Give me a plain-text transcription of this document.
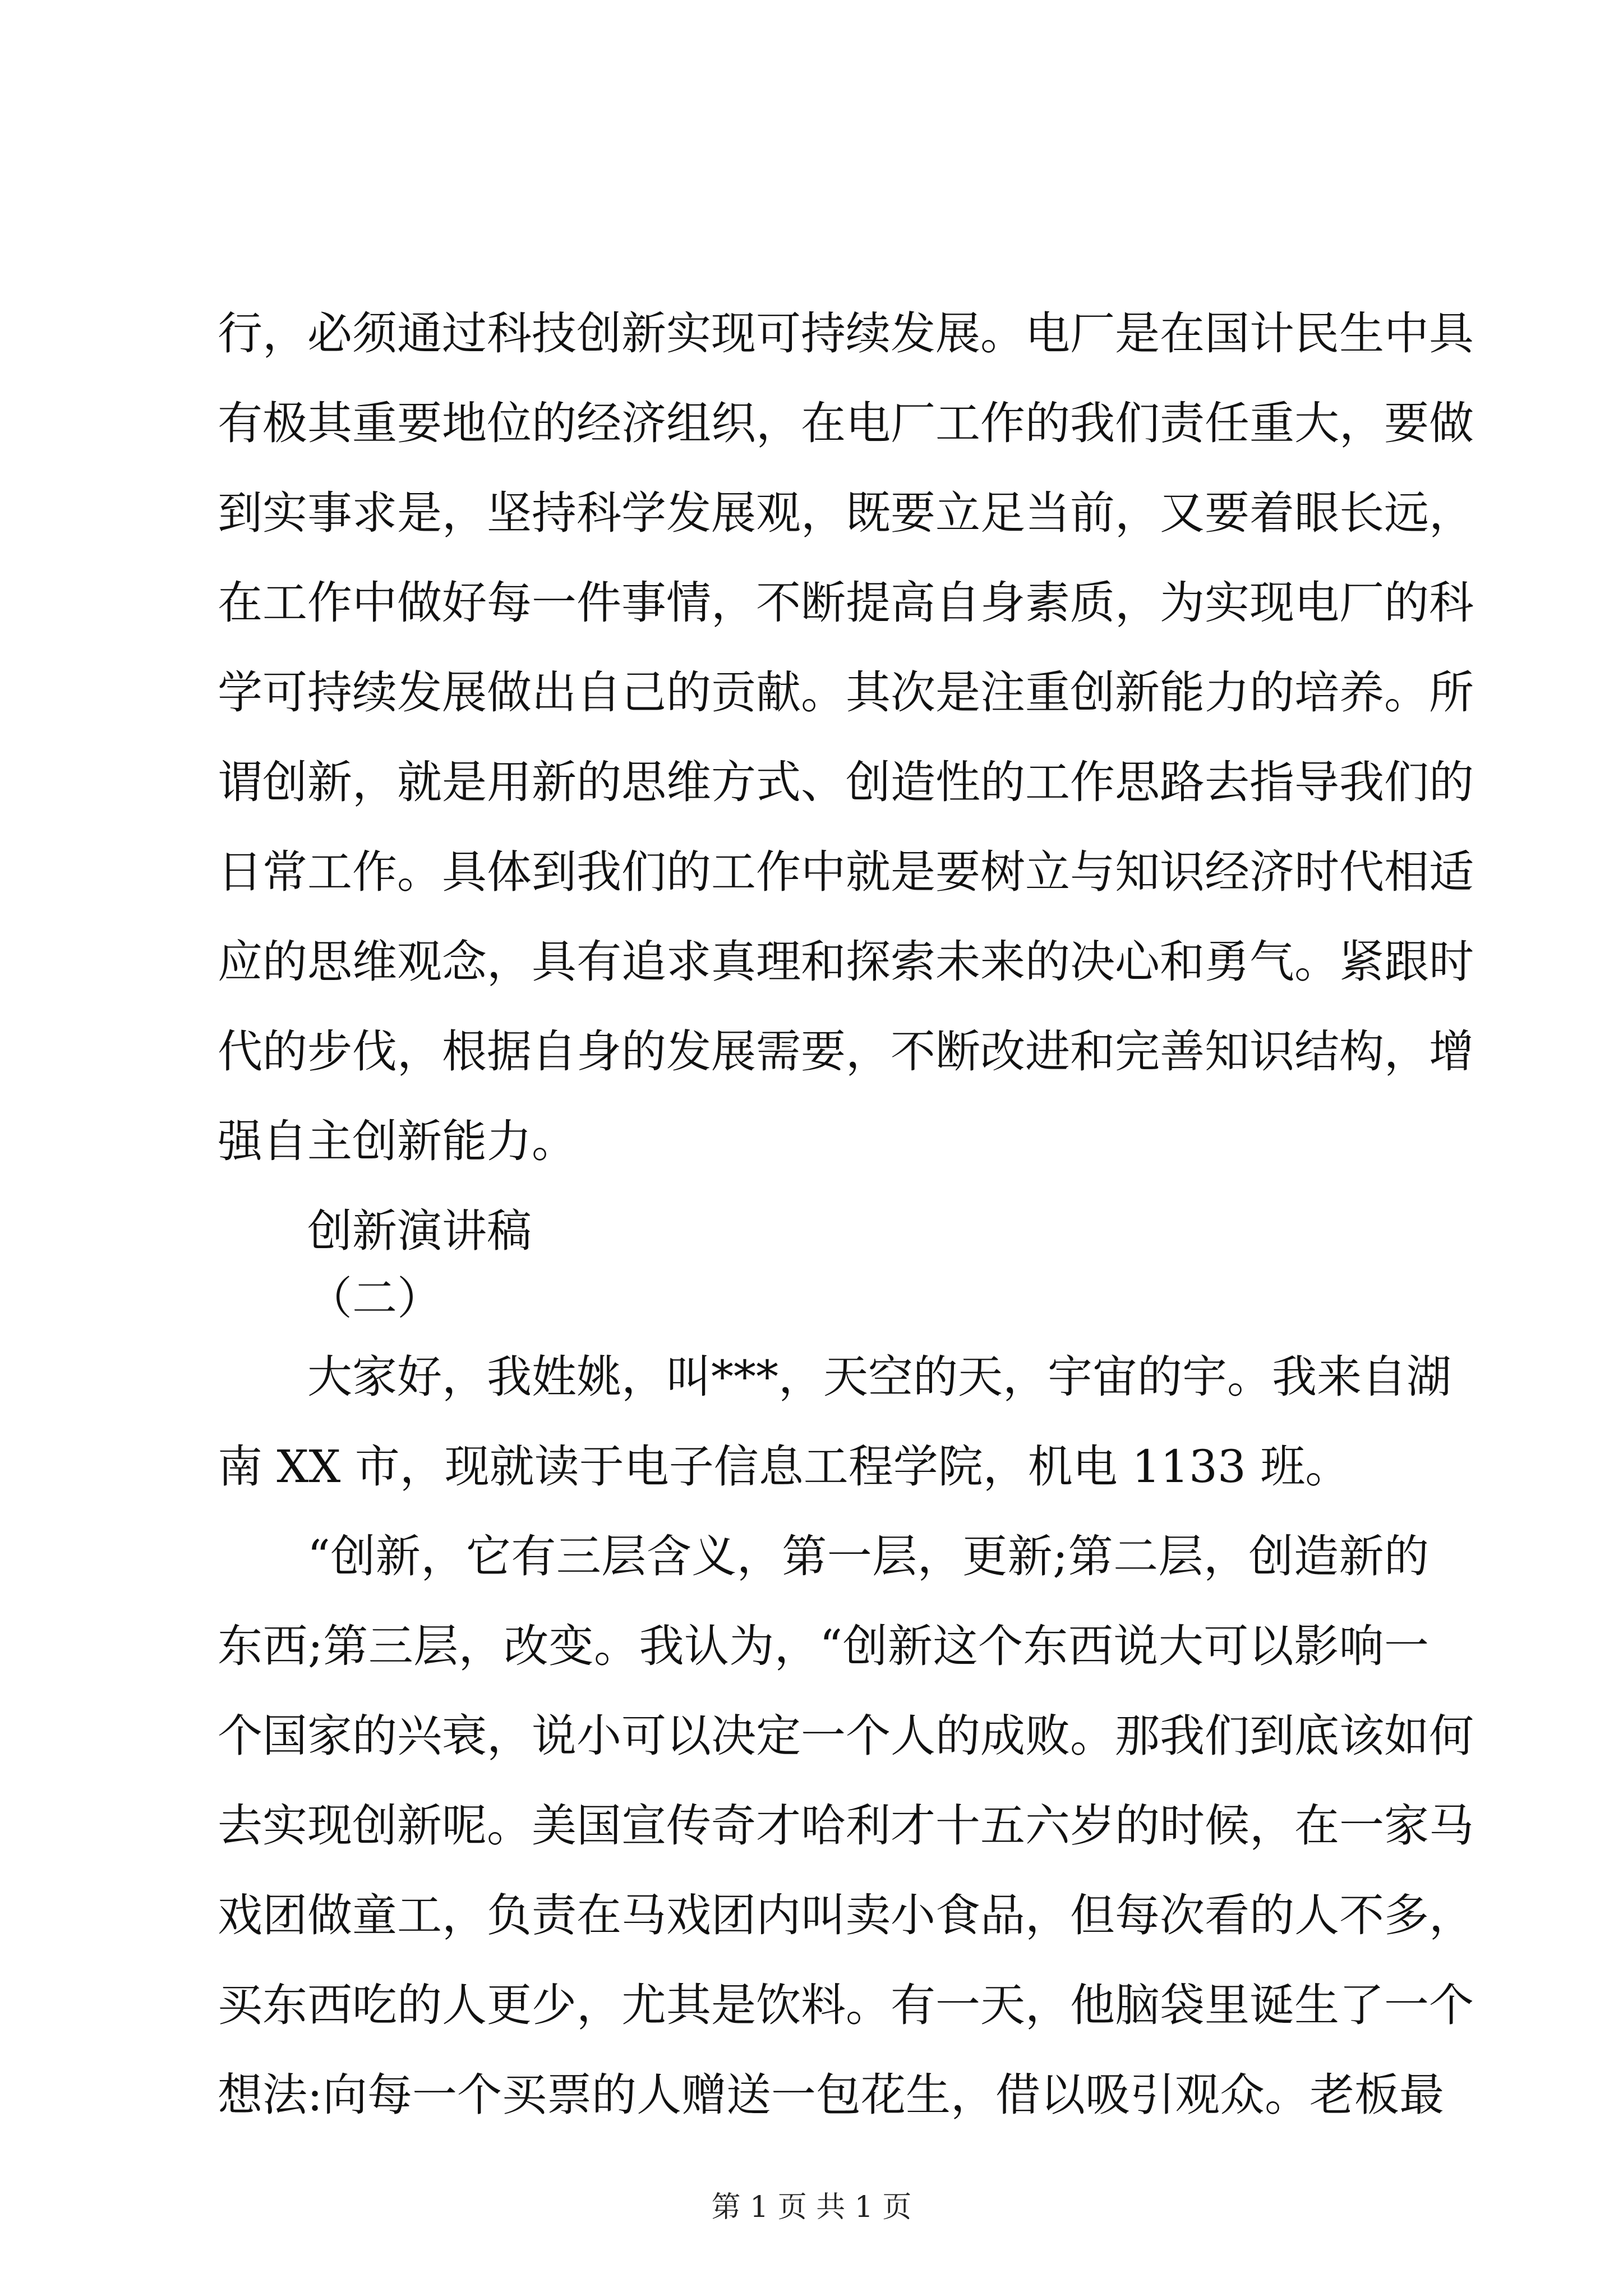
行，必须通过科技创新实现可持续发展。电厂是在国计民生中具
有极其重要地位的经济组织，在电厂工作的我们责任重大，要做
到实事求是，坚持科学发展观，既要立足当前，又要着眼长远，
在工作中做好每一件事情，不断提高自身素质，为实现电厂的科
学可持续发展做出自己的贡献。其次是注重创新能力的培养。所
谓创新，就是用新的思维方式、创造性的工作思路去指导我们的
日常工作。具体到我们的工作中就是要树立与知识经济时代相适
应的思维观念，具有追求真理和探索未来的决心和勇气。紧跟时
代的步伐，根据自身的发展需要，不断改进和完善知识结构，增
强自主创新能力。
创新演讲稿
（二）
大家好，我姓姚，叫***，天空的天，宇宙的宇。我来自湖
南 XX 市，现就读于电子信息工程学院，机电 1133 班。
“创新，它有三层含义，第一层，更新;第二层，创造新的
东西;第三层，改变。我认为，“创新这个东西说大可以影响一
个国家的兴衰，说小可以决定一个人的成败。那我们到底该如何
去实现创新呢。美国宣传奇才哈利才十五六岁的时候，在一家马
戏团做童工，负责在马戏团内叫卖小食品，但每次看的人不多，
买东西吃的人更少，尤其是饮料。有一天，他脑袋里诞生了一个
想法:向每一个买票的人赠送一包花生，借以吸引观众。老板最
第 1 页 共 1 页
